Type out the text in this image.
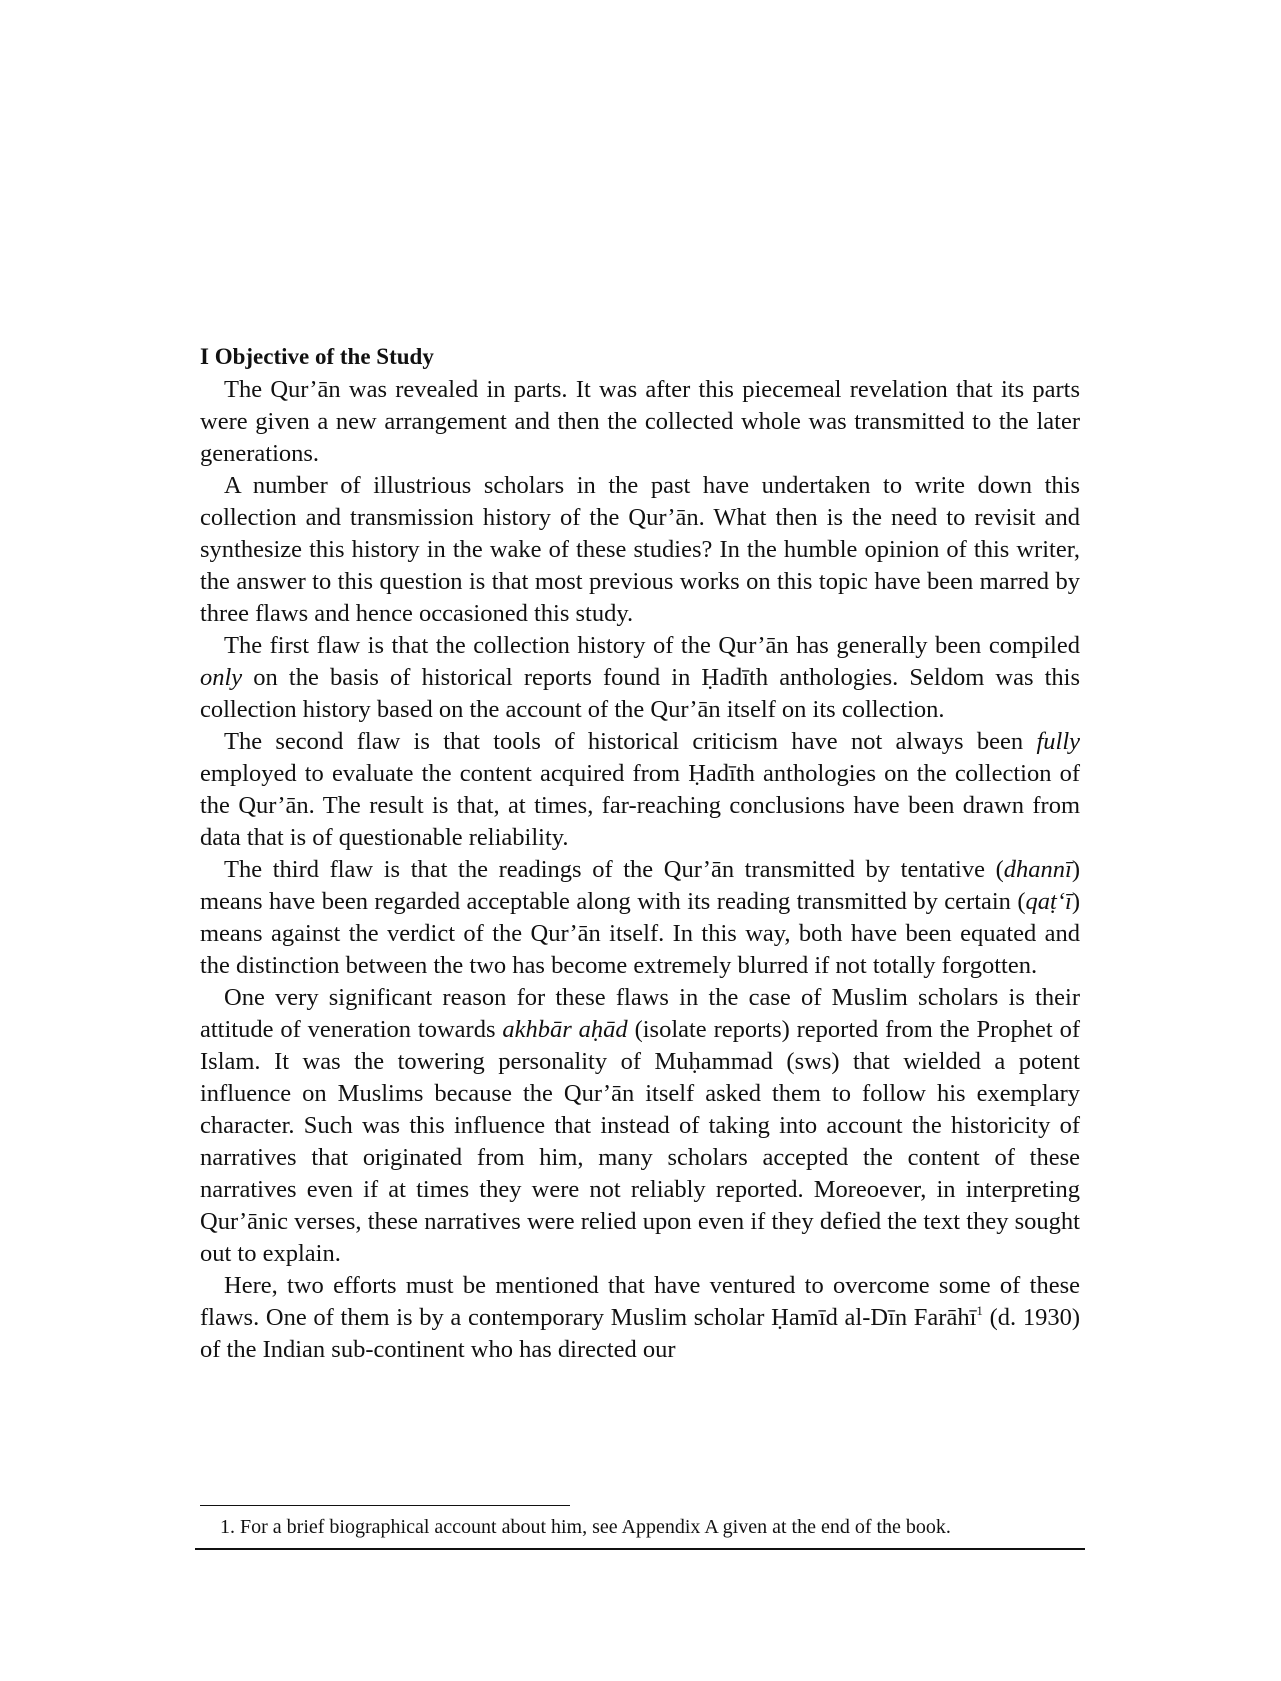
I Objective of the Study

The Qur’ān was revealed in parts. It was after this piecemeal revelation that its parts were given a new arrangement and then the collected whole was transmitted to the later generations.

A number of illustrious scholars in the past have undertaken to write down this collection and transmission history of the Qur’ān. What then is the need to revisit and synthesize this history in the wake of these studies? In the humble opinion of this writer, the answer to this question is that most previous works on this topic have been marred by three flaws and hence occasioned this study.

The first flaw is that the collection history of the Qur’ān has generally been compiled only on the basis of historical reports found in Ḥadīth anthologies. Seldom was this collection history based on the account of the Qur’ān itself on its collection.

The second flaw is that tools of historical criticism have not always been fully employed to evaluate the content acquired from Ḥadīth anthologies on the collection of the Qur’ān. The result is that, at times, far-reaching conclusions have been drawn from data that is of questionable reliability.

The third flaw is that the readings of the Qur’ān transmitted by tentative (dhannī) means have been regarded acceptable along with its reading transmitted by certain (qaṭ‘ī) means against the verdict of the Qur’ān itself. In this way, both have been equated and the distinction between the two has become extremely blurred if not totally forgotten.

One very significant reason for these flaws in the case of Muslim scholars is their attitude of veneration towards akhbār aḥād (isolate reports) reported from the Prophet of Islam. It was the towering personality of Muḥammad (sws) that wielded a potent influence on Muslims because the Qur’ān itself asked them to follow his exemplary character. Such was this influence that instead of taking into account the historicity of narratives that originated from him, many scholars accepted the content of these narratives even if at times they were not reliably reported. Moreoever, in interpreting Qur’ānic verses, these narratives were relied upon even if they defied the text they sought out to explain.

Here, two efforts must be mentioned that have ventured to overcome some of these flaws. One of them is by a contemporary Muslim scholar Ḥamīd al-Dīn Farāhī$^1$ (d. 1930) of the Indian sub-continent who has directed our

1. For a brief biographical account about him, see Appendix A given at the end of the book.
